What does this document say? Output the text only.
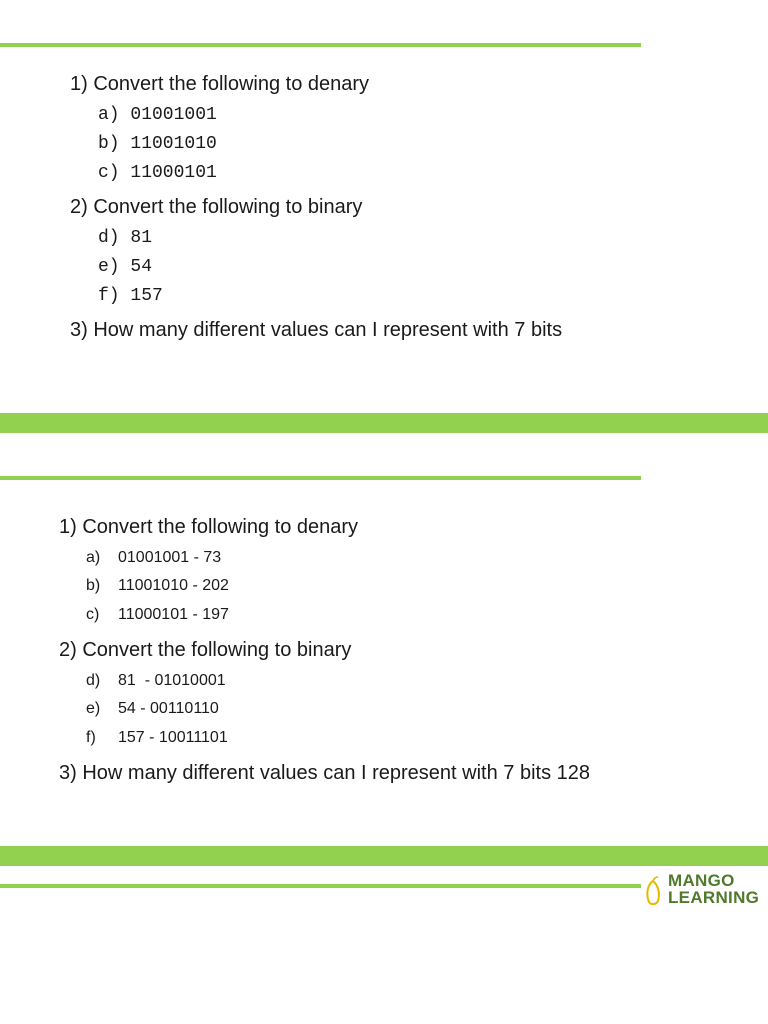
1) Convert the following to denary
a) 01001001
b) 11001010
c) 11000101
2) Convert the following to binary
d) 81
e) 54
f) 157
3) How many different values can I represent with 7 bits
1) Convert the following to denary
a) 01001001 - 73
b) 11001010 - 202
c) 11000101 - 197
2) Convert the following to binary
d) 81  - 01010001
e) 54 - 00110110
f) 157 - 10011101
3) How many different values can I represent with 7 bits 128
MANGO
LEARNING
